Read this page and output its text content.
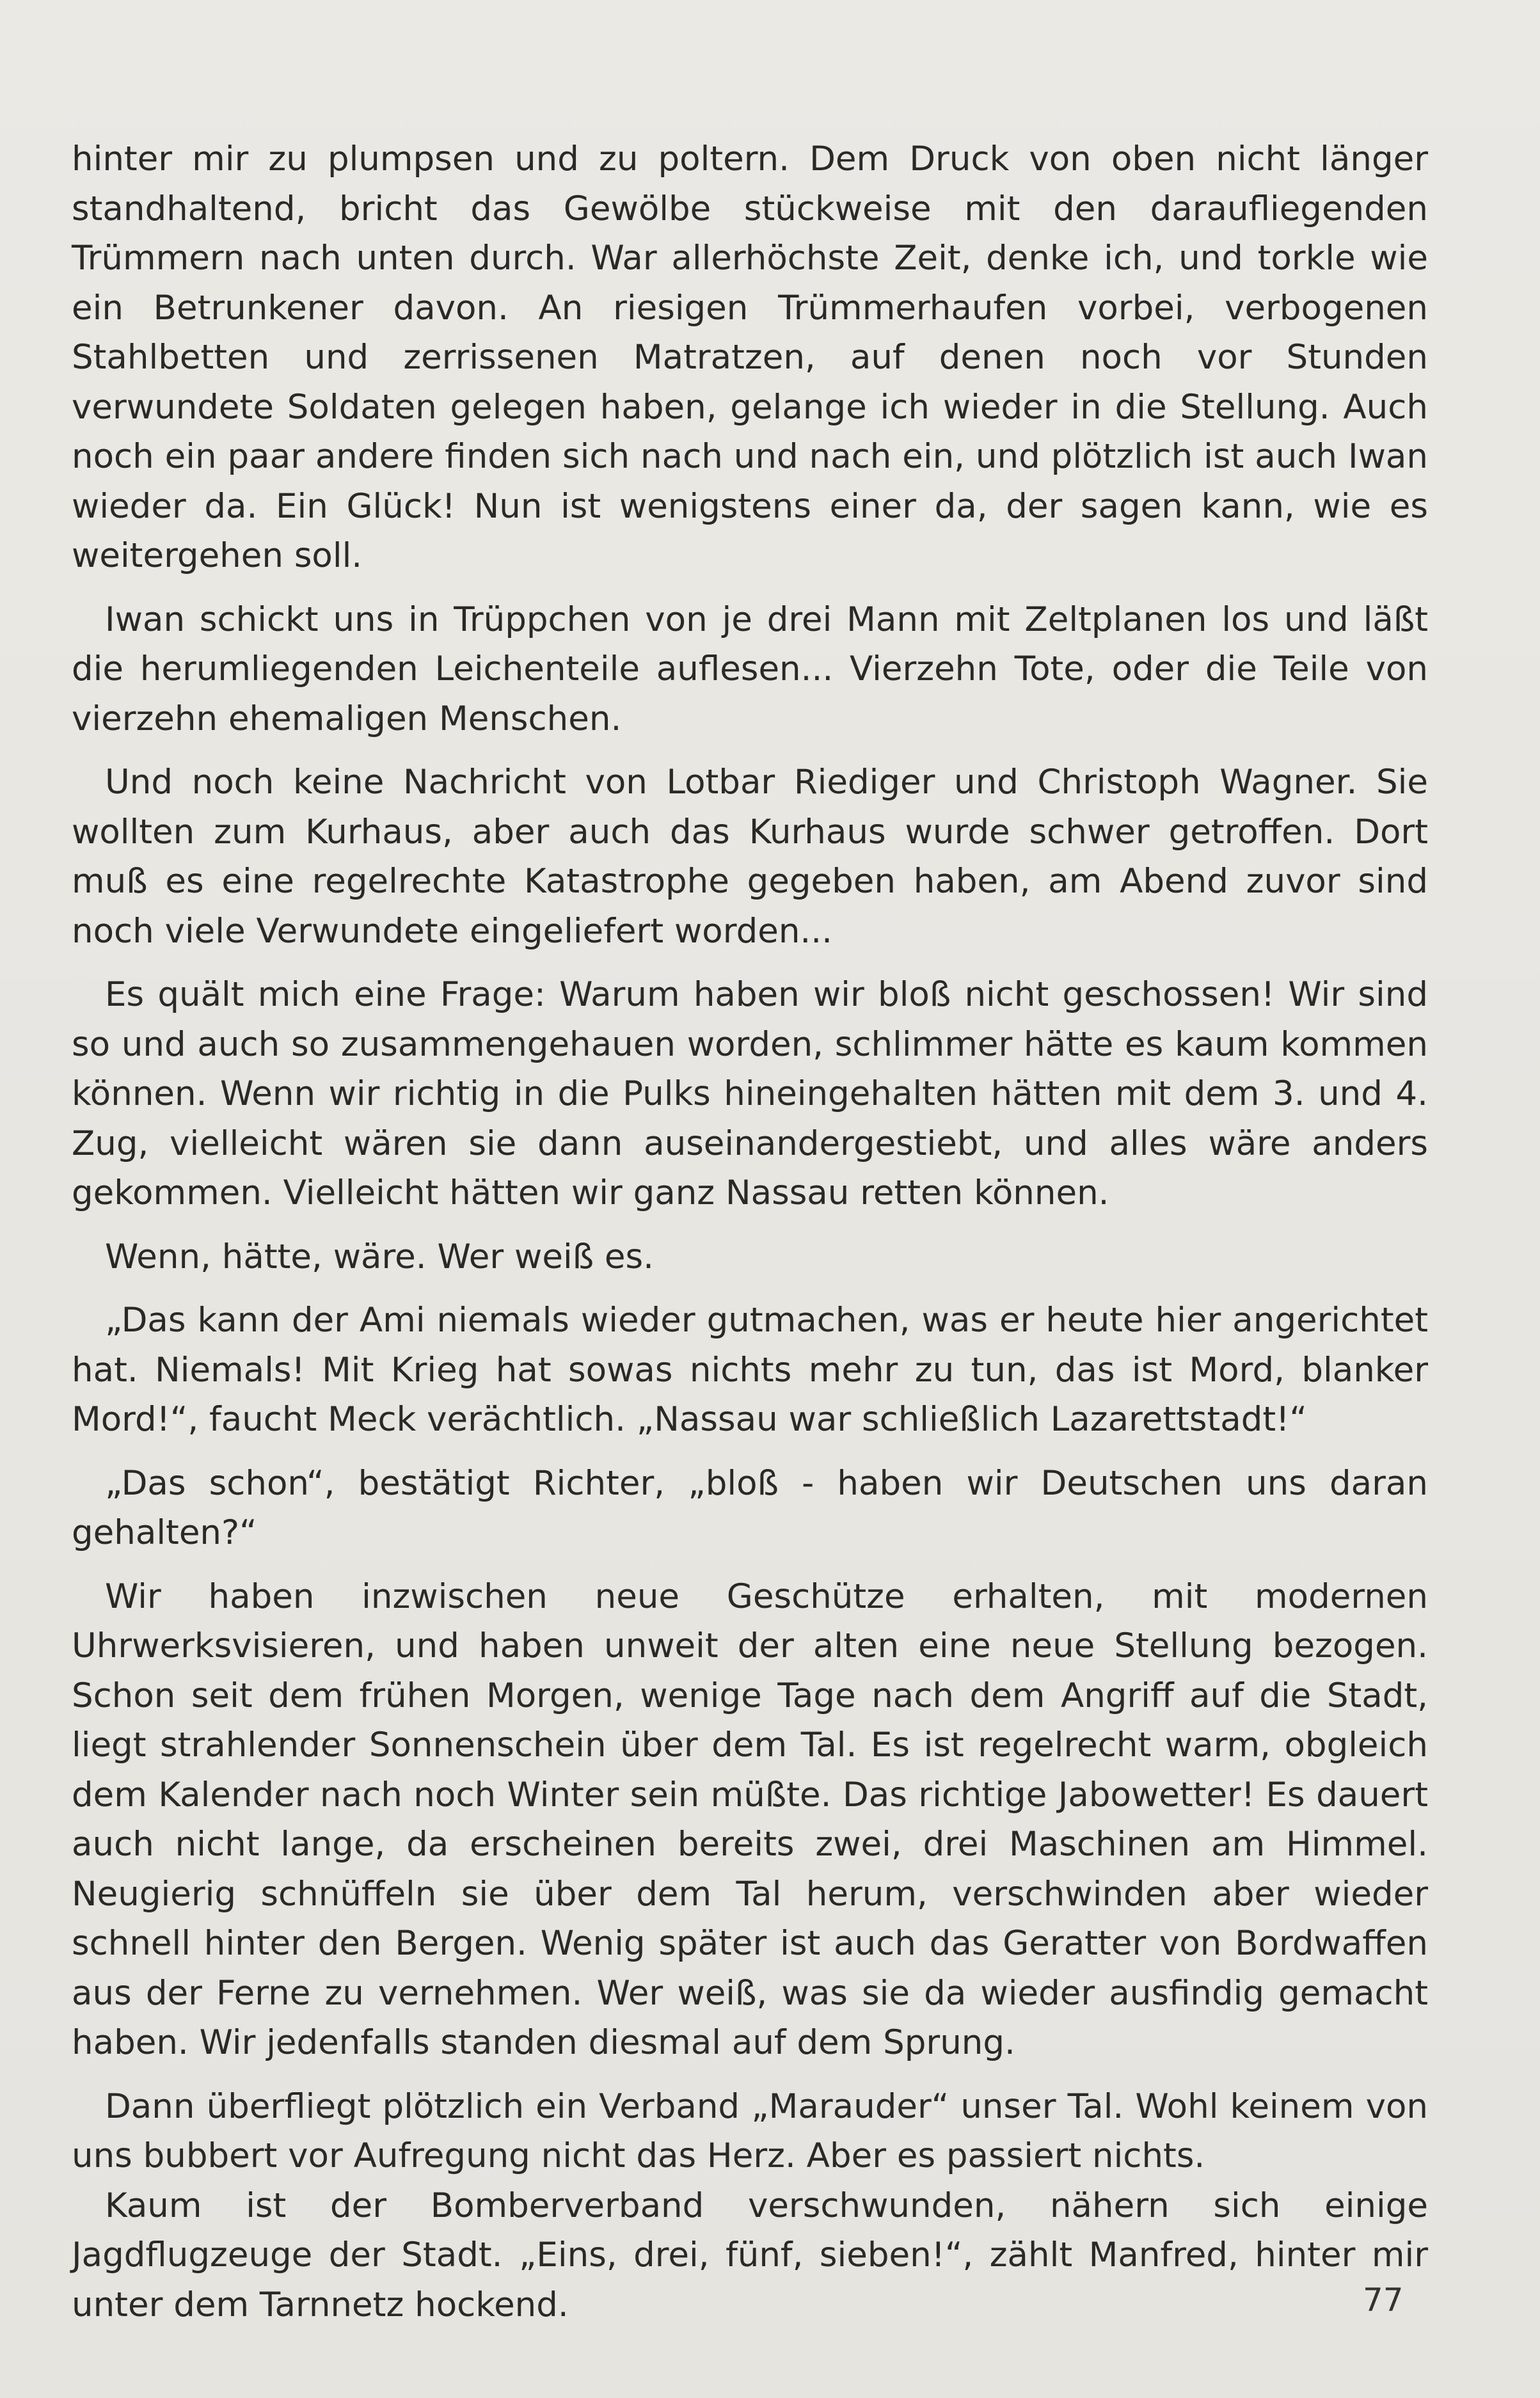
hinter mir zu plumpsen und zu poltern. Dem Druck von oben nicht länger standhaltend, bricht das Gewölbe stückweise mit den daraufliegenden Trümmern nach unten durch. War allerhöchste Zeit, denke ich, und torkle wie ein Betrunkener davon. An riesigen Trümmerhaufen vorbei, verbogenen Stahlbetten und zerrissenen Matratzen, auf denen noch vor Stunden verwundete Soldaten gelegen haben, gelange ich wieder in die Stellung. Auch noch ein paar andere finden sich nach und nach ein, und plötzlich ist auch Iwan wieder da. Ein Glück! Nun ist wenigstens einer da, der sagen kann, wie es weitergehen soll.

Iwan schickt uns in Trüppchen von je drei Mann mit Zeltplanen los und läßt die herumliegenden Leichenteile auflesen... Vierzehn Tote, oder die Teile von vierzehn ehemaligen Menschen.

Und noch keine Nachricht von Lotbar Riediger und Christoph Wagner. Sie wollten zum Kurhaus, aber auch das Kurhaus wurde schwer getroffen. Dort muß es eine regelrechte Katastrophe gegeben haben, am Abend zuvor sind noch viele Verwundete eingeliefert worden...

Es quält mich eine Frage: Warum haben wir bloß nicht geschossen! Wir sind so und auch so zusammengehauen worden, schlimmer hätte es kaum kommen können. Wenn wir richtig in die Pulks hineingehalten hätten mit dem 3. und 4. Zug, vielleicht wären sie dann auseinandergestiebt, und alles wäre anders gekommen. Vielleicht hätten wir ganz Nassau retten können.

Wenn, hätte, wäre. Wer weiß es.

„Das kann der Ami niemals wieder gutmachen, was er heute hier angerichtet hat. Niemals! Mit Krieg hat sowas nichts mehr zu tun, das ist Mord, blanker Mord!“, faucht Meck verächtlich. „Nassau war schließlich Lazarettstadt!“

„Das schon“, bestätigt Richter, „bloß - haben wir Deutschen uns daran gehalten?“

Wir haben inzwischen neue Geschütze erhalten, mit modernen Uhrwerksvisieren, und haben unweit der alten eine neue Stellung bezogen. Schon seit dem frühen Morgen, wenige Tage nach dem Angriff auf die Stadt, liegt strahlender Sonnenschein über dem Tal. Es ist regelrecht warm, obgleich dem Kalender nach noch Winter sein müßte. Das richtige Jabowetter! Es dauert auch nicht lange, da erscheinen bereits zwei, drei Maschinen am Himmel. Neugierig schnüffeln sie über dem Tal herum, verschwinden aber wieder schnell hinter den Bergen. Wenig später ist auch das Geratter von Bordwaffen aus der Ferne zu vernehmen. Wer weiß, was sie da wieder ausfindig gemacht haben. Wir jedenfalls standen diesmal auf dem Sprung.

Dann überfliegt plötzlich ein Verband „Marauder“ unser Tal. Wohl keinem von uns bubbert vor Aufregung nicht das Herz. Aber es passiert nichts.

Kaum ist der Bomberverband verschwunden, nähern sich einige Jagdflugzeuge der Stadt. „Eins, drei, fünf, sieben!“, zählt Manfred, hinter mir unter dem Tarnnetz hockend.	77
